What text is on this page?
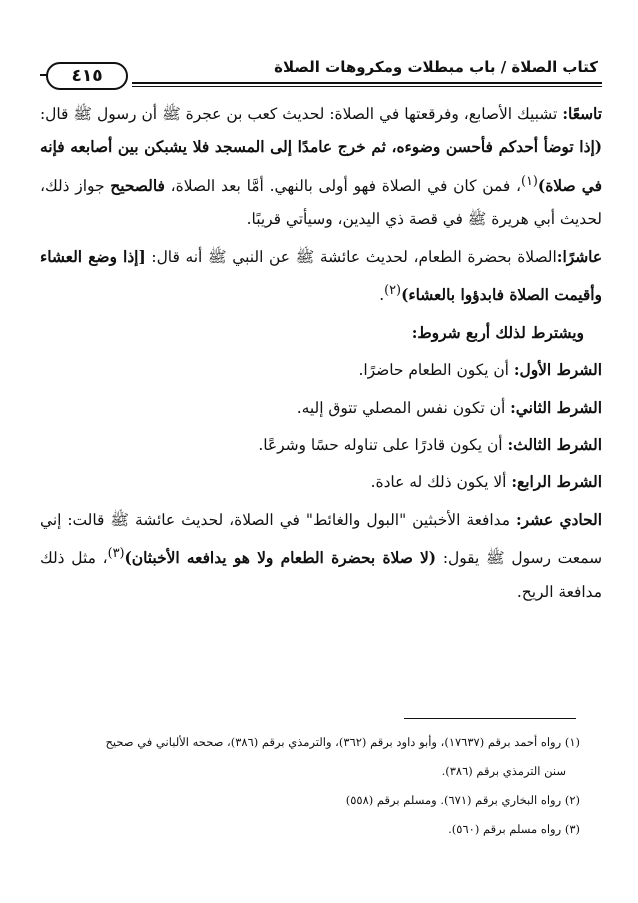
كتاب الصلاة / باب مبطلات ومكروهات الصلاة
٤١٥

تاسعًا: تشبيك الأصابع، وفرقعتها في الصلاة: لحديث كعب بن عجرة ﷺ أن رسول ﷺ قال: (إذا توضأ أحدكم فأحسن وضوءه، ثم خرج عامدًا إلى المسجد فلا يشبكن بين أصابعه فإنه في صلاة)$^{(١)}$، فمن كان في الصلاة فهو أولى بالنهي. أمَّا بعد الصلاة، فالصحيح جواز ذلك، لحديث أبي هريرة ﷺ في قصة ذي اليدين، وسيأتي قريبًا.

عاشرًا:الصلاة بحضرة الطعام، لحديث عائشة ﷺ عن النبي ﷺ أنه قال: [إذا وضع العشاء وأقيمت الصلاة فابدؤوا بالعشاء)$^{(٢)}$.

ويشترط لذلك أربع شروط:

الشرط الأول: أن يكون الطعام حاضرًا.

الشرط الثاني: أن تكون نفس المصلي تتوق إليه.

الشرط الثالث: أن يكون قادرًا على تناوله حسًا وشرعًا.

الشرط الرابع: ألا يكون ذلك له عادة.

الحادي عشر: مدافعة الأخبثين "البول والغائط" في الصلاة، لحديث عائشة ﷺ قالت: إني سمعت رسول ﷺ يقول: (لا صلاة بحضرة الطعام ولا هو يدافعه الأخبثان)$^{(٣)}$، مثل ذلك مدافعة الريح.

(١) رواه أحمد برقم (١٧٦٣٧)، وأبو داود برقم (٣٦٢)، والترمذي برقم (٣٨٦)، صححه الألباني في صحيح

سنن الترمذي برقم (٣٨٦).

(٢) رواه البخاري برقم (٦٧١). ومسلم برقم (٥٥٨)

(٣) رواه مسلم برقم (٥٦٠).
